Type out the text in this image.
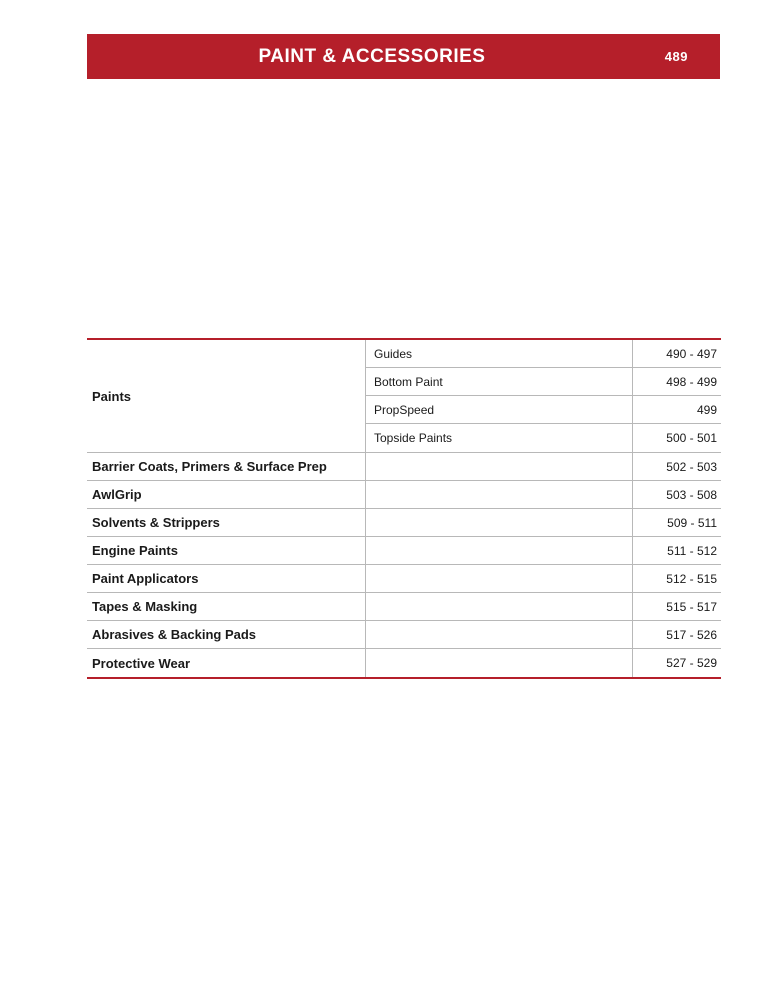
PAINT & ACCESSORIES	489
Paints
Guides	490 - 497
Bottom Paint	498 - 499
PropSpeed	499
Topside Paints	500 - 501
Barrier Coats, Primers & Surface Prep	502 - 503
AwlGrip	503 - 508
Solvents & Strippers	509 - 511
Engine Paints	511 - 512
Paint Applicators	512 - 515
Tapes & Masking	515 - 517
Abrasives & Backing Pads	517 - 526
Protective Wear	527 - 529
